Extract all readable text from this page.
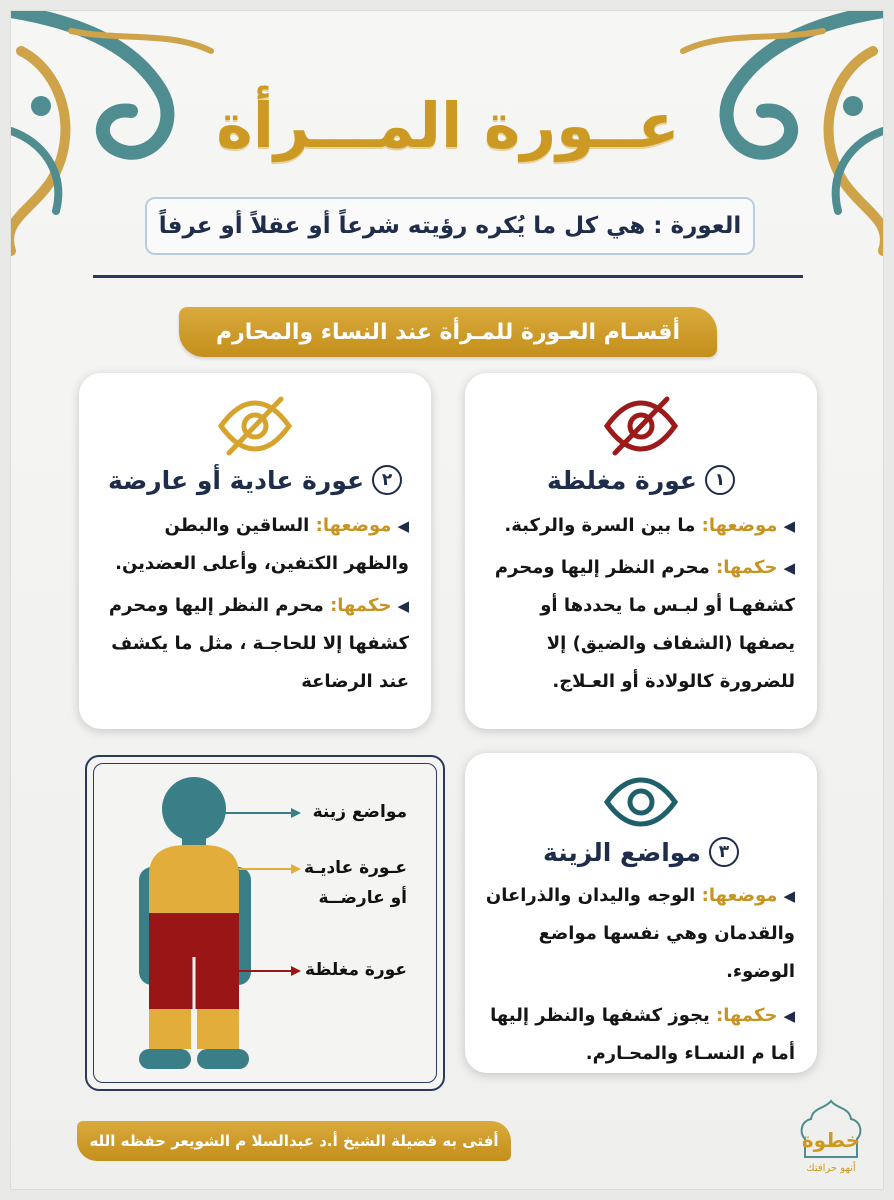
عــورة المـــرأة
العورة : هي كل ما يُكره رؤيته شرعاً أو عقلاً أو عرفاً
أقسـام العـورة للمـرأة عند النساء والمحارم
١
عورة مغلظة
◀موضعها: ما بين السرة والركبة.
◀حكمها: محرم النظر إليها ومحرم كشفهـا أو لبـس ما يحددها أو يصفها (الشفاف والضيق) إلا للضرورة كالولادة أو العـلاج.
٢
عورة عادية أو عارضة
◀موضعها: الساقين والبطن والظهر الكتفين، وأعلى العضدين.
◀حكمها: محرم النظر إليها ومحرم كشفها إلا للحاجـة ، مثل ما يكشف عند الرضاعة
٣
مواضع الزينة
◀موضعها: الوجه واليدان والذراعان والقدمان وهي نفسها مواضع الوضوء.
◀حكمها: يجوز كشفها والنظر إليها أما م النسـاء والمحـارم.
مواضع زينة
عـورة عاديـة
أو عارضــة
عورة مغلظة
أفتى به فضيلة الشيخ أ.د عبدالسلا م الشويعر حفظه الله	خطوة
أنهو حرافتك
